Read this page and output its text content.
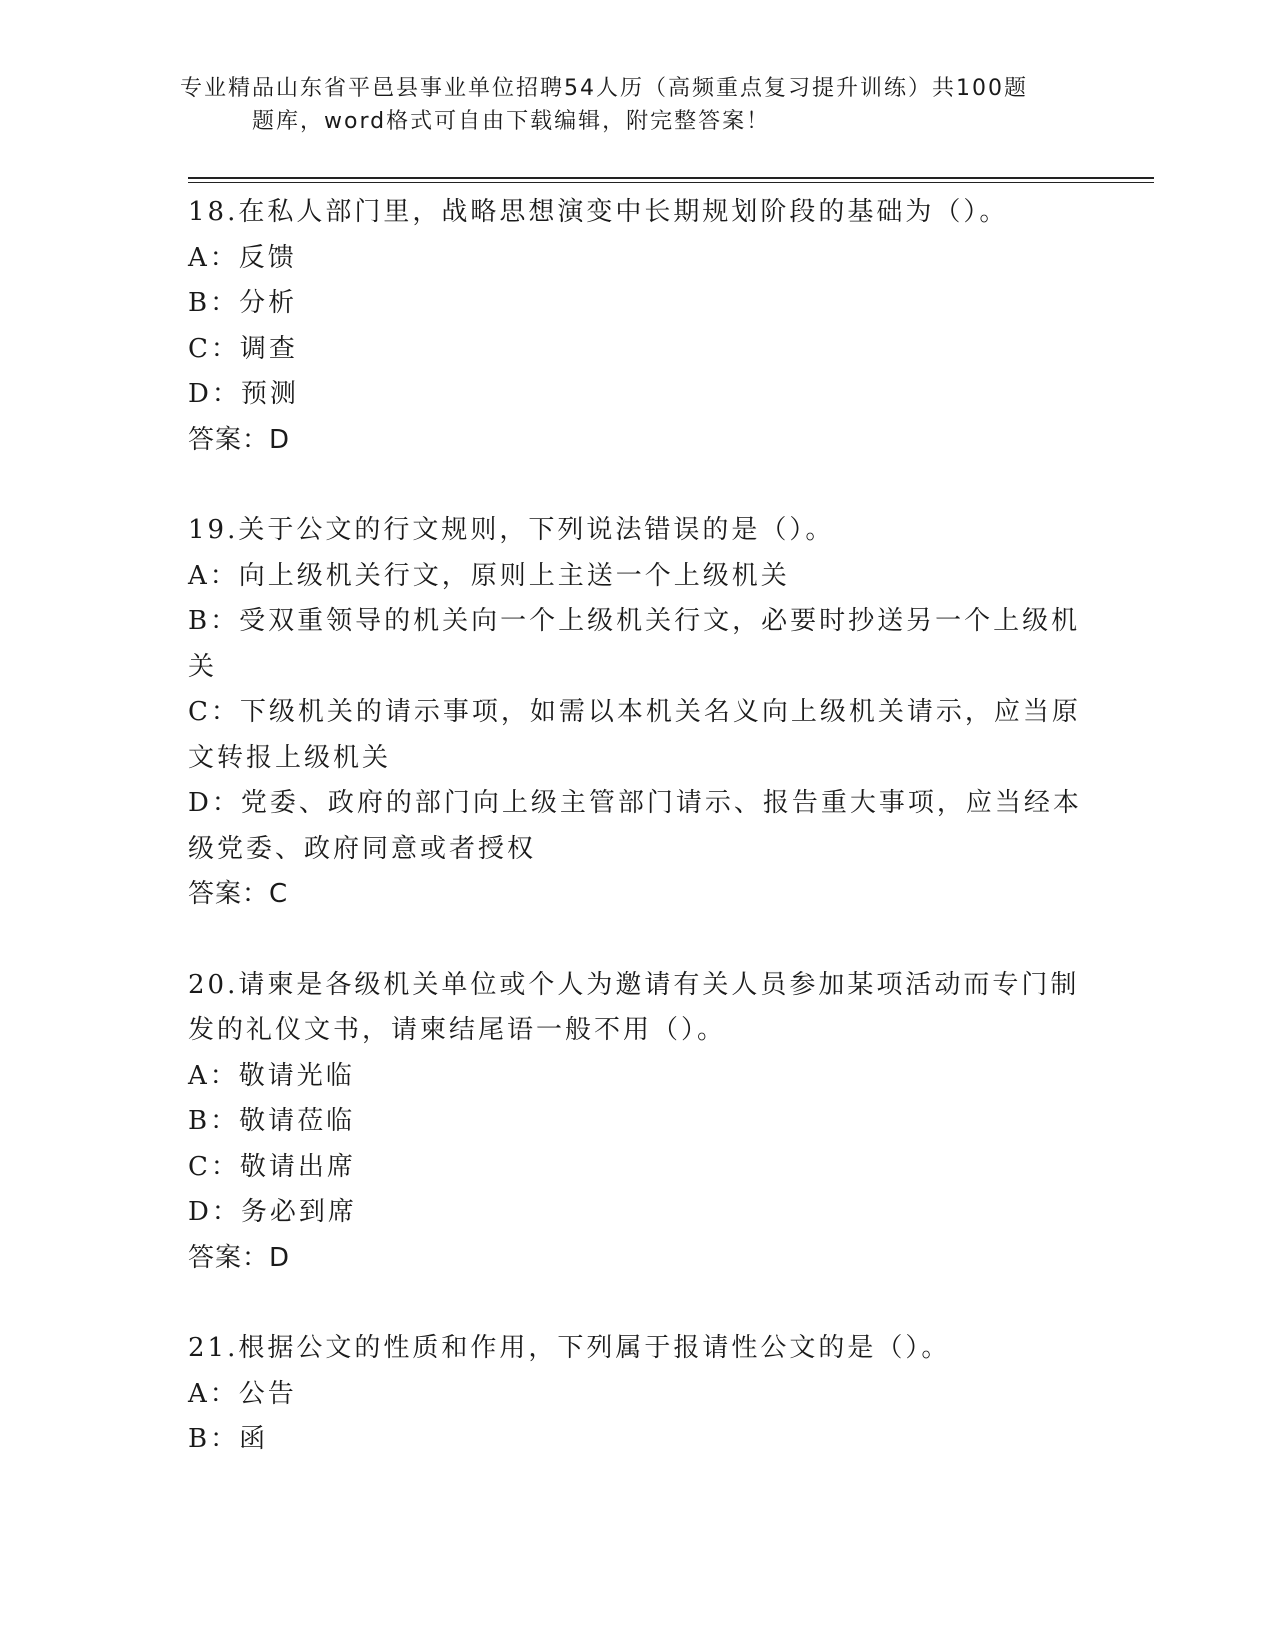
专业精品山东省平邑县事业单位招聘54人历（高频重点复习提升训练）共100题
题库，word格式可自由下载编辑，附完整答案！
18.在私人部门里，战略思想演变中长期规划阶段的基础为（）。
A：反馈
B：分析
C：调查
D：预测
答案：D
19.关于公文的行文规则，下列说法错误的是（）。
A：向上级机关行文，原则上主送一个上级机关
B：受双重领导的机关向一个上级机关行文，必要时抄送另一个上级机关
C：下级机关的请示事项，如需以本机关名义向上级机关请示，应当原文转报上级机关
D：党委、政府的部门向上级主管部门请示、报告重大事项，应当经本级党委、政府同意或者授权
答案：C
20.请柬是各级机关单位或个人为邀请有关人员参加某项活动而专门制发的礼仪文书，请柬结尾语一般不用（）。
A：敬请光临
B：敬请莅临
C：敬请出席
D：务必到席
答案：D
21.根据公文的性质和作用，下列属于报请性公文的是（）。
A：公告
B：函
